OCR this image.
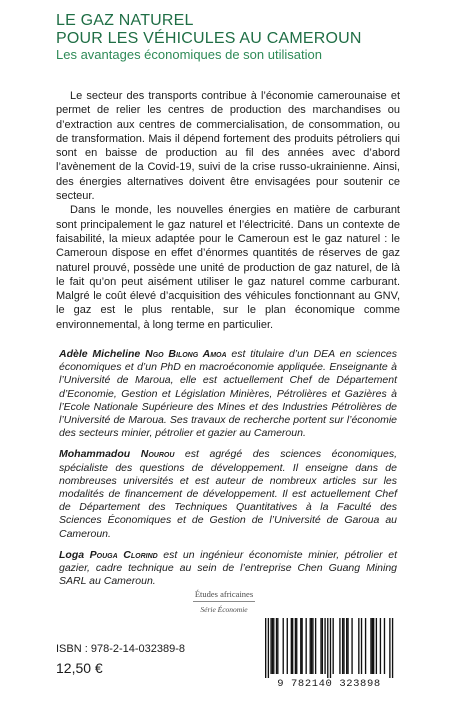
LE GAZ NATUREL
POUR LES VÉHICULES AU CAMEROUN
Les avantages économiques de son utilisation

Le secteur des transports contribue à l’économie camerounaise et permet de relier les centres de production des marchandises ou d’extraction aux centres de commercialisation, de consommation, ou de transformation. Mais il dépend fortement des produits pétroliers qui sont en baisse de production au fil des années avec d’abord l’avènement de la Covid-19, suivi de la crise russo-ukrainienne. Ainsi, des énergies alternatives doivent être envisagées pour soutenir ce secteur.

Dans le monde, les nouvelles énergies en matière de carburant sont principalement le gaz naturel et l’électricité. Dans un contexte de faisabilité, la mieux adaptée pour le Cameroun est le gaz naturel : le Cameroun dispose en effet d’énormes quantités de réserves de gaz naturel prouvé, possède une unité de production de gaz naturel, de là le fait qu’on peut aisément utiliser le gaz naturel comme carburant. Malgré le coût élevé d’acquisition des véhicules fonctionnant au GNV, le gaz est le plus rentable, sur le plan économique comme environnemental, à long terme en particulier.

Adèle Micheline Ngo Bilong Amoa est titulaire d’un DEA en sciences économiques et d’un PhD en macroéconomie appliquée. Enseignante à l’Université de Maroua, elle est actuellement Chef de Département d’Economie, Gestion et Législation Minières, Pétrolières et Gazières à l’Ecole Nationale Supérieure des Mines et des Industries Pétrolières de l’Université de Maroua. Ses travaux de recherche portent sur l’économie des secteurs minier, pétrolier et gazier au Cameroun.

Mohammadou Nourou est agrégé des sciences économiques, spécialiste des questions de développement. Il enseigne dans de nombreuses universités et est auteur de nombreux articles sur les modalités de financement de développement. Il est actuellement Chef de Département des Techniques Quantitatives à la Faculté des Sciences Économiques et de Gestion de l’Université de Garoua au Cameroun.

Loga Pouga Clorind est un ingénieur économiste minier, pétrolier et gazier, cadre technique au sein de l’entreprise Chen Guang Mining SARL au Cameroun.

Études africaines
Série Économie
ISBN : 978-2-14-032389-8
12,50 €
9 782140 323898
